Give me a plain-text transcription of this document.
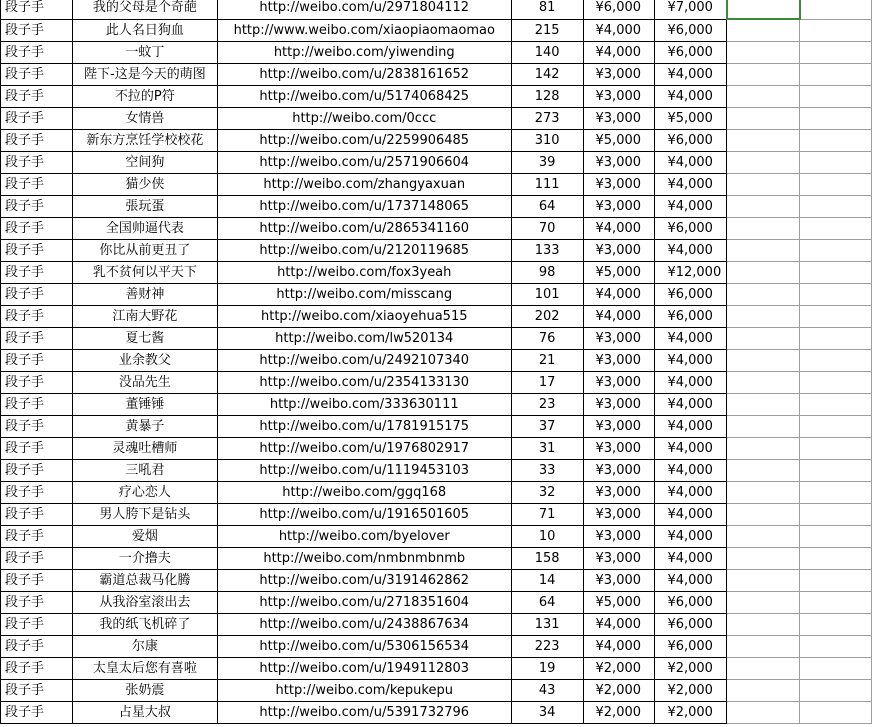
段子手	我的父母是个奇葩	http://weibo.com/u/2971804112	81	¥6,000	¥7,000		
段子手	此人名日狗血	http://www.weibo.com/xiaopiaomaomao	215	¥4,000	¥6,000		
段子手	一蚊丁	http://weibo.com/yiwending	140	¥4,000	¥6,000		
段子手	陛下-这是今天的萌图	http://weibo.com/u/2838161652	142	¥3,000	¥4,000		
段子手	不拉的P符	http://weibo.com/u/5174068425	128	¥3,000	¥4,000		
段子手	女情兽	http://weibo.com/0ccc	273	¥3,000	¥5,000		
段子手	新东方烹饪学校校花	http://weibo.com/u/2259906485	310	¥5,000	¥6,000		
段子手	空间狗	http://weibo.com/u/2571906604	39	¥3,000	¥4,000		
段子手	猫少侠	http://weibo.com/zhangyaxuan	111	¥3,000	¥4,000		
段子手	張玩蛋	http://weibo.com/u/1737148065	64	¥3,000	¥4,000		
段子手	全国帅逼代表	http://weibo.com/u/2865341160	70	¥4,000	¥6,000		
段子手	你比从前更丑了	http://weibo.com/u/2120119685	133	¥3,000	¥4,000		
段子手	乳不贫何以平天下	http://weibo.com/fox3yeah	98	¥5,000	¥12,000		
段子手	善财神	http://weibo.com/misscang	101	¥4,000	¥6,000		
段子手	江南大野花	http://weibo.com/xiaoyehua515	202	¥4,000	¥6,000		
段子手	夏七酱	http://weibo.com/lw520134	76	¥3,000	¥4,000		
段子手	业余教父	http://weibo.com/u/2492107340	21	¥3,000	¥4,000		
段子手	没品先生	http://weibo.com/u/2354133130	17	¥3,000	¥4,000		
段子手	董锤锤	http://weibo.com/333630111	23	¥3,000	¥4,000		
段子手	黄暴子	http://weibo.com/u/1781915175	37	¥3,000	¥4,000		
段子手	灵魂吐槽师	http://weibo.com/u/1976802917	31	¥3,000	¥4,000		
段子手	三吼君	http://weibo.com/u/1119453103	33	¥3,000	¥4,000		
段子手	疗心恋人	http://weibo.com/ggq168	32	¥3,000	¥4,000		
段子手	男人胯下是钻头	http://weibo.com/u/1916501605	71	¥3,000	¥4,000		
段子手	爱烟	http://weibo.com/byelover	10	¥3,000	¥4,000		
段子手	一介撸夫	http://weibo.com/nmbnmbnmb	158	¥3,000	¥4,000		
段子手	霸道总裁马化腾	http://weibo.com/u/3191462862	14	¥3,000	¥4,000		
段子手	从我浴室滚出去	http://weibo.com/u/2718351604	64	¥5,000	¥6,000		
段子手	我的纸飞机碎了	http://weibo.com/u/2438867634	131	¥4,000	¥6,000		
段子手	尔康	http://weibo.com/u/5306156534	223	¥4,000	¥6,000		
段子手	太皇太后您有喜啦	http://weibo.com/u/1949112803	19	¥2,000	¥2,000		
段子手	张奶震	http://weibo.com/kepukepu	43	¥2,000	¥2,000		
段子手	占星大叔	http://weibo.com/u/5391732796	34	¥2,000	¥2,000		
